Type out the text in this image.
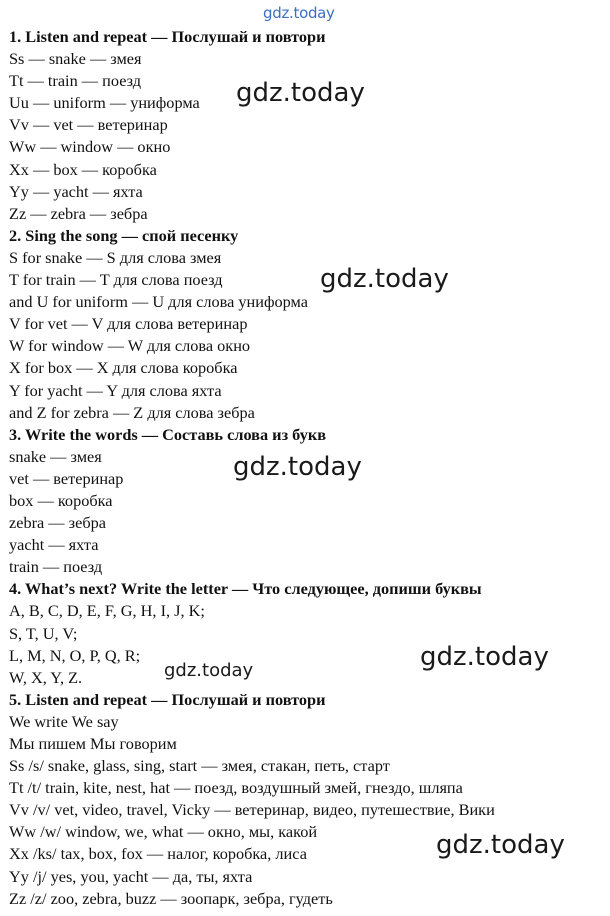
gdz.today
1. Listen and repeat — Послушай и повтори
Ss — snake — змея
Tt — train — поезд
Uu — uniform — униформа
Vv — vet — ветеринар
Ww — window — окно
Xx — box — коробка
Yy — yacht — яхта
Zz — zebra — зебра
2. Sing the song — спой песенку
S for snake — S для слова змея
T for train — T для слова поезд
and U for uniform — U для слова униформа
V for vet — V для слова ветеринар
W for window — W для слова окно
X for box — X для слова коробка
Y for yacht — Y для слова яхта
and Z for zebra — Z для слова зебра
3. Write the words — Составь слова из букв
snake — змея
vet — ветеринар
box — коробка
zebra — зебра
yacht — яхта
train — поезд
4. What’s next? Write the letter — Что следующее, допиши буквы
A, B, C, D, E, F, G, H, I, J, K;
S, T, U, V;
L, M, N, O, P, Q, R;
W, X, Y, Z.
5. Listen and repeat — Послушай и повтори
We write We say
Мы пишем Мы говорим
Ss /s/ snake, glass, sing, start — змея, стакан, петь, старт
Tt /t/ train, kite, nest, hat — поезд, воздушный змей, гнездо, шляпа
Vv /v/ vet, video, travel, Vicky — ветеринар, видео, путешествие, Вики
Ww /w/ window, we, what — окно, мы, какой
Xx /ks/ tax, box, fox — налог, коробка, лиса
Yy /j/ yes, you, yacht — да, ты, яхта
Zz /z/ zoo, zebra, buzz — зоопарк, зебра, гудеть
gdz.today
gdz.today
gdz.today
gdz.today
gdz.today
gdz.today
